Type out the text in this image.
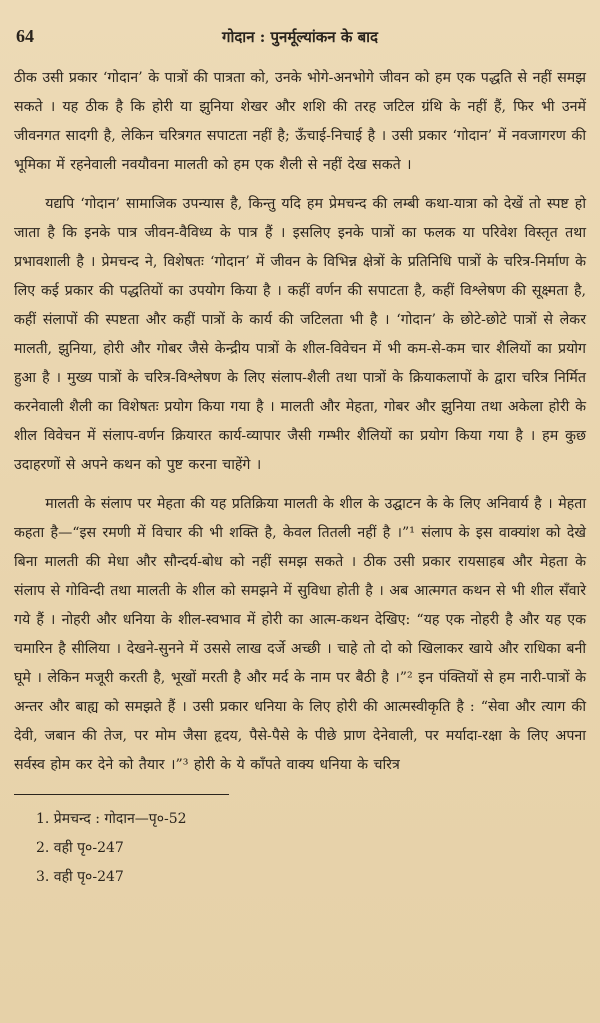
64	गोदान : पुनर्मूल्यांकन के बाद

ठीक उसी प्रकार ‘गोदान’ के पात्रों की पात्रता को, उनके भोगे-अनभोगे जीवन को हम एक पद्धति से नहीं समझ सकते । यह ठीक है कि होरी या झुनिया शेखर और शशि की तरह जटिल ग्रंथि के नहीं हैं, फिर भी उनमें जीवनगत सादगी है, लेकिन चरित्रगत सपाटता नहीं है; ऊँचाई-निचाई है । उसी प्रकार ‘गोदान’ में नवजागरण की भूमिका में रहनेवाली नवयौवना मालती को हम एक शैली से नहीं देख सकते ।

यद्यपि ‘गोदान’ सामाजिक उपन्यास है, किन्तु यदि हम प्रेमचन्द की लम्बी कथा-यात्रा को देखें तो स्पष्ट हो जाता है कि इनके पात्र जीवन-वैविध्य के पात्र हैं । इसलिए इनके पात्रों का फलक या परिवेश विस्तृत तथा प्रभावशाली है । प्रेमचन्द ने, विशेषतः ‘गोदान’ में जीवन के विभिन्न क्षेत्रों के प्रतिनिधि पात्रों के चरित्र-निर्माण के लिए कई प्रकार की पद्धतियों का उपयोग किया है । कहीं वर्णन की सपाटता है, कहीं विश्लेषण की सूक्ष्मता है, कहीं संलापों की स्पष्टता और कहीं पात्रों के कार्य की जटिलता भी है । ‘गोदान’ के छोटे-छोटे पात्रों से लेकर मालती, झुनिया, होरी और गोबर जैसे केन्द्रीय पात्रों के शील-विवेचन में भी कम-से-कम चार शैलियों का प्रयोग हुआ है । मुख्य पात्रों के चरित्र-विश्लेषण के लिए संलाप-शैली तथा पात्रों के क्रियाकलापों के द्वारा चरित्र निर्मित करनेवाली शैली का विशेषतः प्रयोग किया गया है । मालती और मेहता, गोबर और झुनिया तथा अकेला होरी के शील विवेचन में संलाप-वर्णन क्रियारत कार्य-व्यापार जैसी गम्भीर शैलियों का प्रयोग किया गया है । हम कुछ उदाहरणों से अपने कथन को पुष्ट करना चाहेंगे ।

मालती के संलाप पर मेहता की यह प्रतिक्रिया मालती के शील के उद्घाटन के के लिए अनिवार्य है । मेहता कहता है—“इस रमणी में विचार की भी शक्ति है, केवल तितली नहीं है ।”¹ संलाप के इस वाक्यांश को देखे बिना मालती की मेधा और सौन्दर्य-बोध को नहीं समझ सकते । ठीक उसी प्रकार रायसाहब और मेहता के संलाप से गोविन्दी तथा मालती के शील को समझने में सुविधा होती है । अब आत्मगत कथन से भी शील सँवारे गये हैं । नोहरी और धनिया के शील-स्वभाव में होरी का आत्म-कथन देखिए: “यह एक नोहरी है और यह एक चमारिन है सीलिया । देखने-सुनने में उससे लाख दर्जे अच्छी । चाहे तो दो को खिलाकर खाये और राधिका बनी घूमे । लेकिन मजूरी करती है, भूखों मरती है और मर्द के नाम पर बैठी है ।”² इन पंक्तियों से हम नारी-पात्रों के अन्तर और बाह्य को समझते हैं । उसी प्रकार धनिया के लिए होरी की आत्मस्वीकृति है : “सेवा और त्याग की देवी, जबान की तेज, पर मोम जैसा हृदय, पैसे-पैसे के पीछे प्राण देनेवाली, पर मर्यादा-रक्षा के लिए अपना सर्वस्व होम कर देने को तैयार ।”³ होरी के ये काँपते वाक्य धनिया के चरित्र

1. प्रेमचन्द : गोदान—पृ०-52

2. वही पृ०-247

3. वही पृ०-247
